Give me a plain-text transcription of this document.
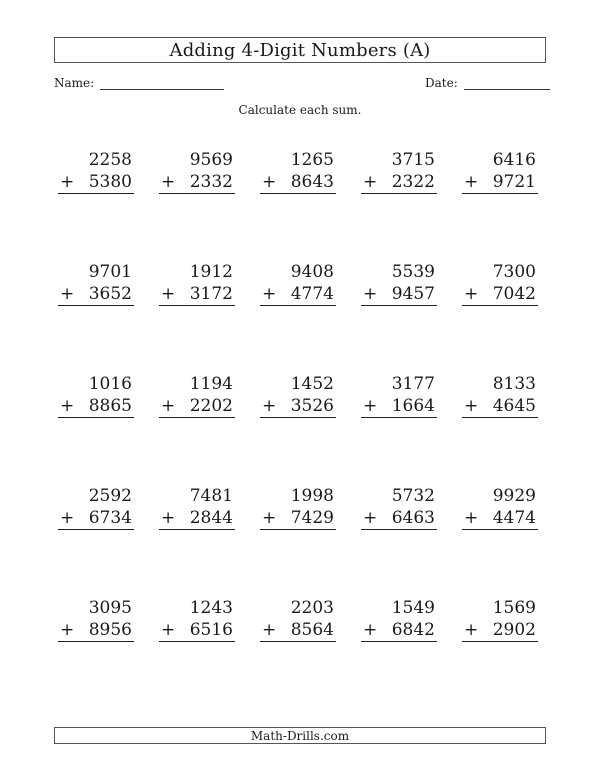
Adding 4-Digit Numbers (A)
Name:	Date:
Calculate each sum.
2258
+ 5380
9569
+ 2332
1265
+ 8643
3715
+ 2322
6416
+ 9721
9701
+ 3652
1912
+ 3172
9408
+ 4774
5539
+ 9457
7300
+ 7042
1016
+ 8865
1194
+ 2202
1452
+ 3526
3177
+ 1664
8133
+ 4645
2592
+ 6734
7481
+ 2844
1998
+ 7429
5732
+ 6463
9929
+ 4474
3095
+ 8956
1243
+ 6516
2203
+ 8564
1549
+ 6842
1569
+ 2902
Math-Drills.com
